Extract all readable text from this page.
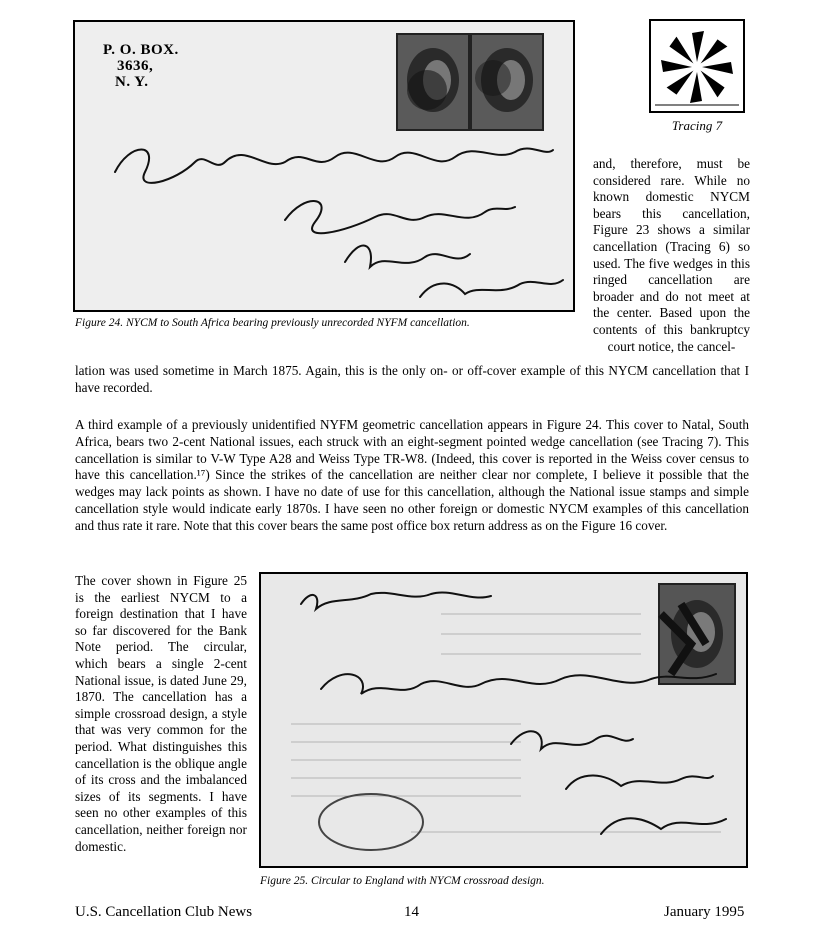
P. O. BOX.
3636,
N. Y.
Figure 24. NYCM to South Africa bearing previously unrecorded NYFM cancellation.
Tracing 7
and, therefore, must be considered rare. While no known domestic NYCM bears this cancellation, Figure 23 shows a similar cancellation (Tracing 6) so used. The five wedges in this ringed cancellation are broader and do not meet at the center. Based upon the contents of this bankruptcy court notice, the cancel-
lation was used sometime in March 1875. Again, this is the only on- or off-cover example of this NYCM cancellation that I have recorded.
A third example of a previously unidentified NYFM geometric cancellation appears in Figure 24. This cover to Natal, South Africa, bears two 2-cent National issues, each struck with an eight-segment pointed wedge cancellation (see Tracing 7). This cancellation is similar to V-W Type A28 and Weiss Type TR-W8. (Indeed, this cover is reported in the Weiss cover census to have this cancellation.¹⁷) Since the strikes of the cancellation are neither clear nor complete, I believe it possible that the wedges may lack points as shown. I have no date of use for this cancellation, although the National issue stamps and simple cancellation style would indicate early 1870s. I have seen no other foreign or domestic NYCM examples of this cancellation and thus rate it rare. Note that this cover bears the same post office box return address as on the Figure 16 cover.
The cover shown in Figure 25 is the earliest NYCM to a foreign destination that I have so far discovered for the Bank Note period. The circular, which bears a single 2-cent National issue, is dated June 29, 1870. The cancellation has a simple crossroad design, a style that was very common for the period. What distinguishes this cancellation is the oblique angle of its cross and the imbalanced sizes of its segments. I have seen no other examples of this cancellation, neither foreign nor domestic.
Figure 25. Circular to England with NYCM crossroad design.
U.S. Cancellation Club News	14	January 1995
